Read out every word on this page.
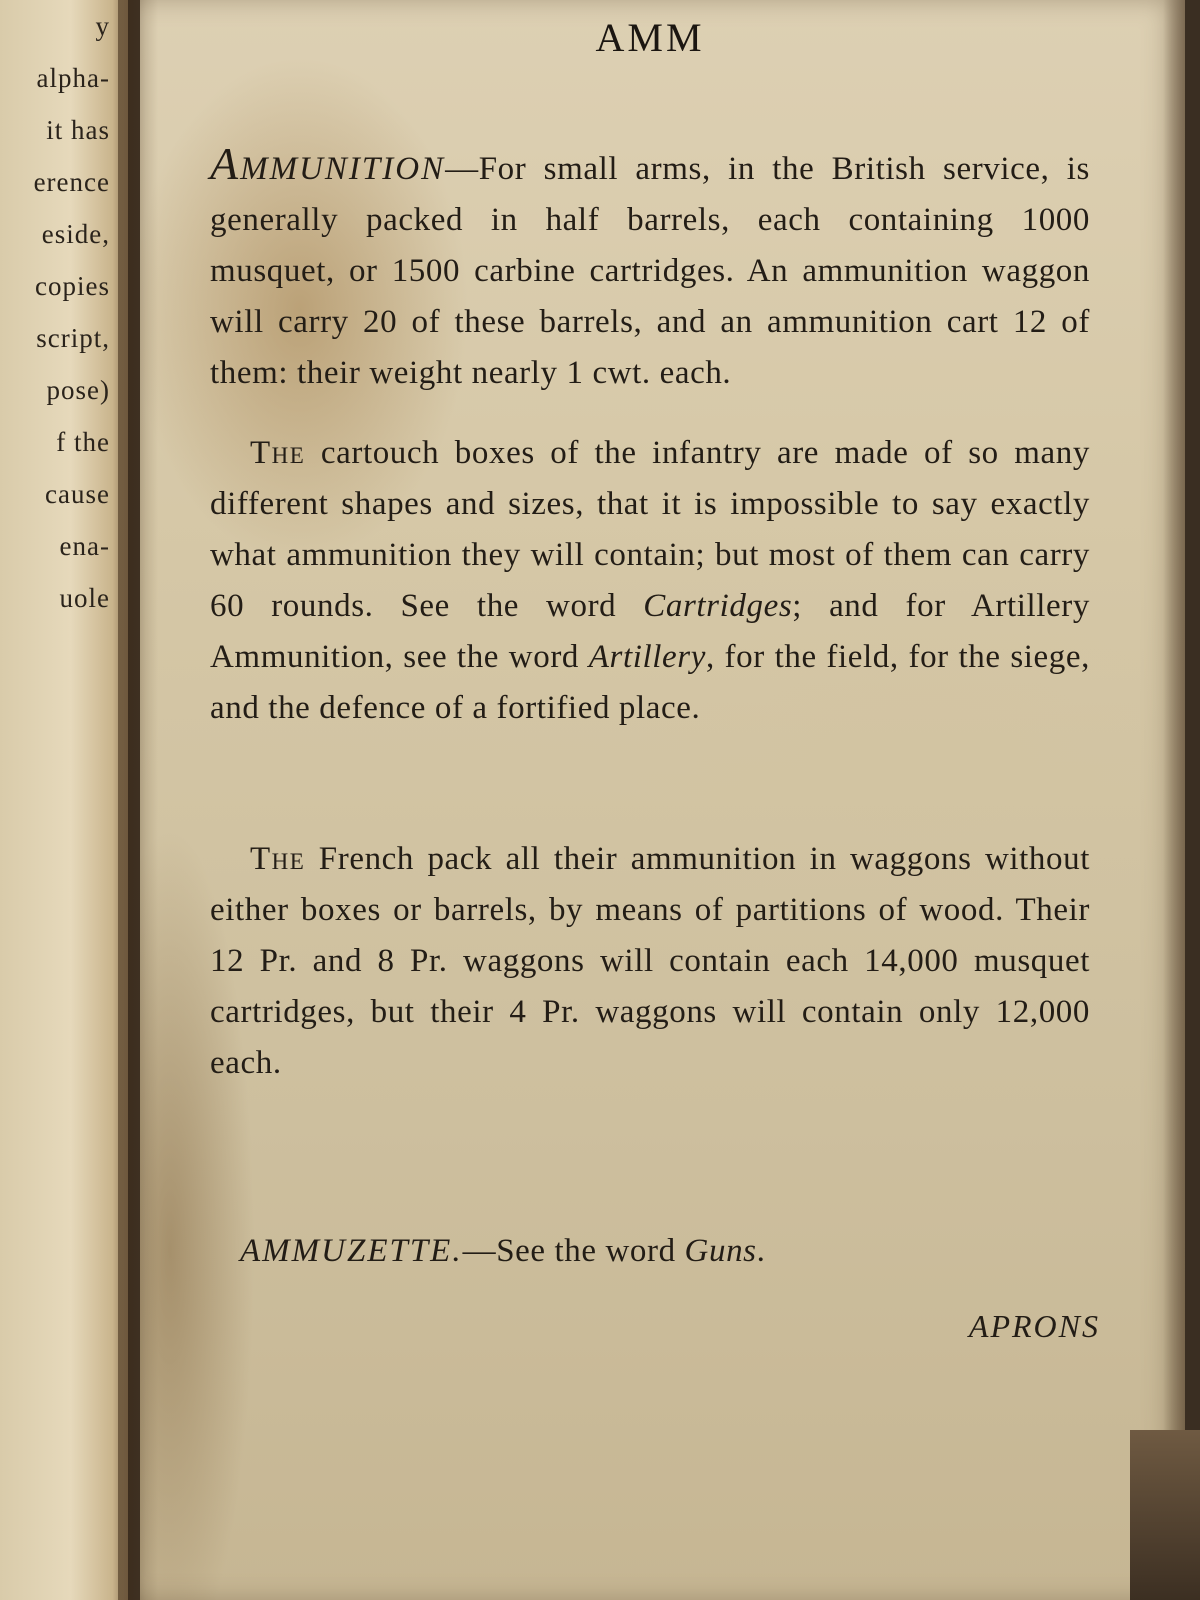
y
alpha-
it has
erence
eside,
copies
script,
pose)
f the
cause
ena-
uole
AMM

AMMUNITION—For small arms, in the British service, is generally packed in half barrels, each containing 1000 musquet, or 1500 carbine cartridges. An ammunition waggon will carry 20 of these barrels, and an ammunition cart 12 of them: their weight nearly 1 cwt. each.

The cartouch boxes of the infantry are made of so many different shapes and sizes, that it is impossible to say exactly what ammunition they will contain; but most of them can carry 60 rounds. See the word Cartridges; and for Artillery Ammunition, see the word Artillery, for the field, for the siege, and the defence of a fortified place.

The French pack all their ammunition in waggons without either boxes or barrels, by means of partitions of wood. Their 12 Pr. and 8 Pr. waggons will contain each 14,000 musquet cartridges, but their 4 Pr. waggons will contain only 12,000 each.

AMMUZETTE.—See the word Guns.

APRONS
